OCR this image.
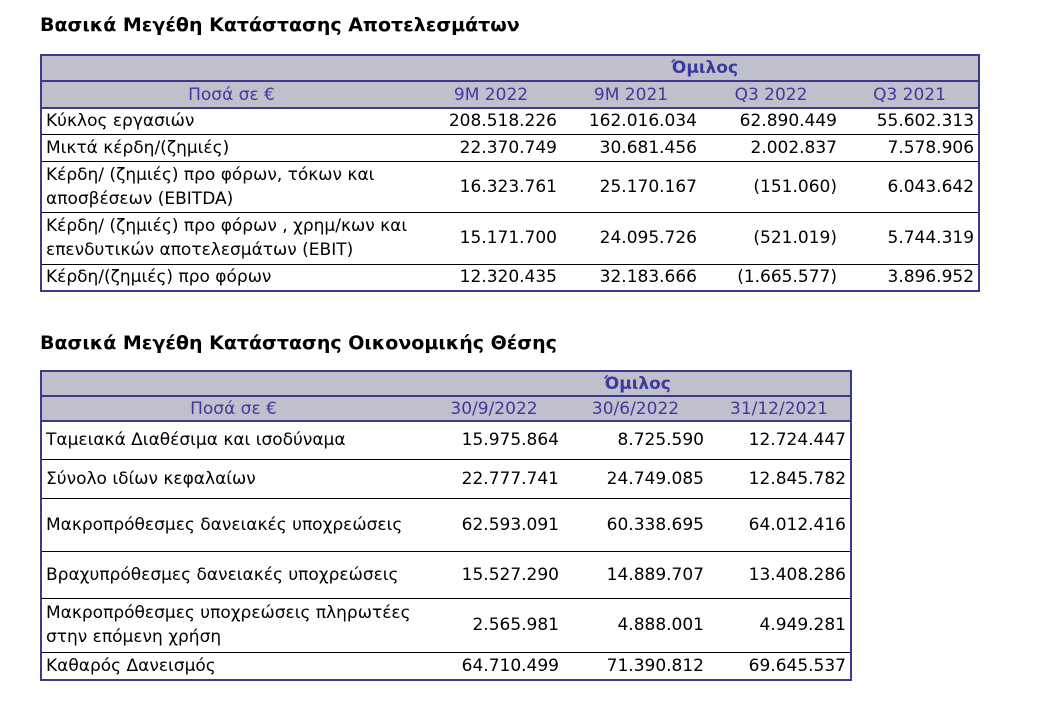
Βασικά Μεγέθη Κατάστασης Αποτελεσμάτων
	Όμιλος			
Ποσά σε €	9M 2022	9M 2021	Q3 2022	Q3 2021
Κύκλος εργασιών	208.518.226	162.016.034	62.890.449	55.602.313
Μικτά κέρδη/(ζημιές)	22.370.749	30.681.456	2.002.837	7.578.906
Κέρδη/ (ζημιές) προ φόρων, τόκων και αποσβέσεων (EBITDA)	16.323.761	25.170.167	(151.060)	6.043.642
Κέρδη/ (ζημιές) προ φόρων , χρημ/κων και επενδυτικών αποτελεσμάτων (EBIT)	15.171.700	24.095.726	(521.019)	5.744.319
Κέρδη/(ζημιές) προ φόρων	12.320.435	32.183.666	(1.665.577)	3.896.952
Βασικά Μεγέθη Κατάστασης Οικονομικής Θέσης
	Όμιλος		
Ποσά σε €	30/9/2022	30/6/2022	31/12/2021
Ταμειακά Διαθέσιμα και ισοδύναμα	15.975.864	8.725.590	12.724.447
Σύνολο ιδίων κεφαλαίων	22.777.741	24.749.085	12.845.782
Μακροπρόθεσμες δανειακές υποχρεώσεις	62.593.091	60.338.695	64.012.416
Βραχυπρόθεσμες δανειακές υποχρεώσεις	15.527.290	14.889.707	13.408.286
Μακροπρόθεσμες υποχρεώσεις πληρωτέες στην επόμενη χρήση	2.565.981	4.888.001	4.949.281
Καθαρός Δανεισμός	64.710.499	71.390.812	69.645.537
